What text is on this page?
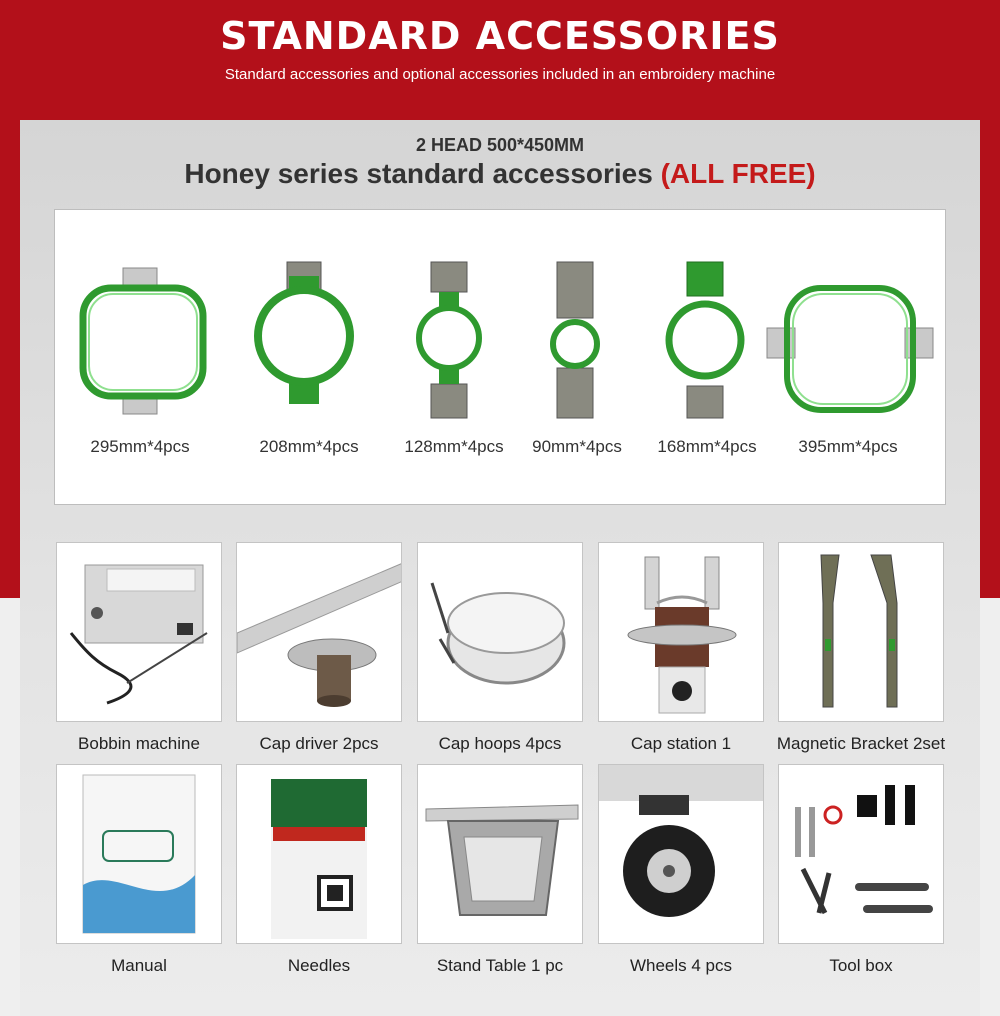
STANDARD ACCESSORIES
Standard accessories and optional accessories included in an embroidery machine
2 HEAD 500*450MM
Honey series standard accessories (ALL FREE)
295mm*4pcs	208mm*4pcs	128mm*4pcs	90mm*4pcs	168mm*4pcs	395mm*4pcs
Bobbin machine	Cap driver 2pcs	Cap hoops 4pcs	Cap station 1	Magnetic Bracket 2set
Manual	Needles	Stand Table 1 pc	Wheels 4 pcs	Tool box
